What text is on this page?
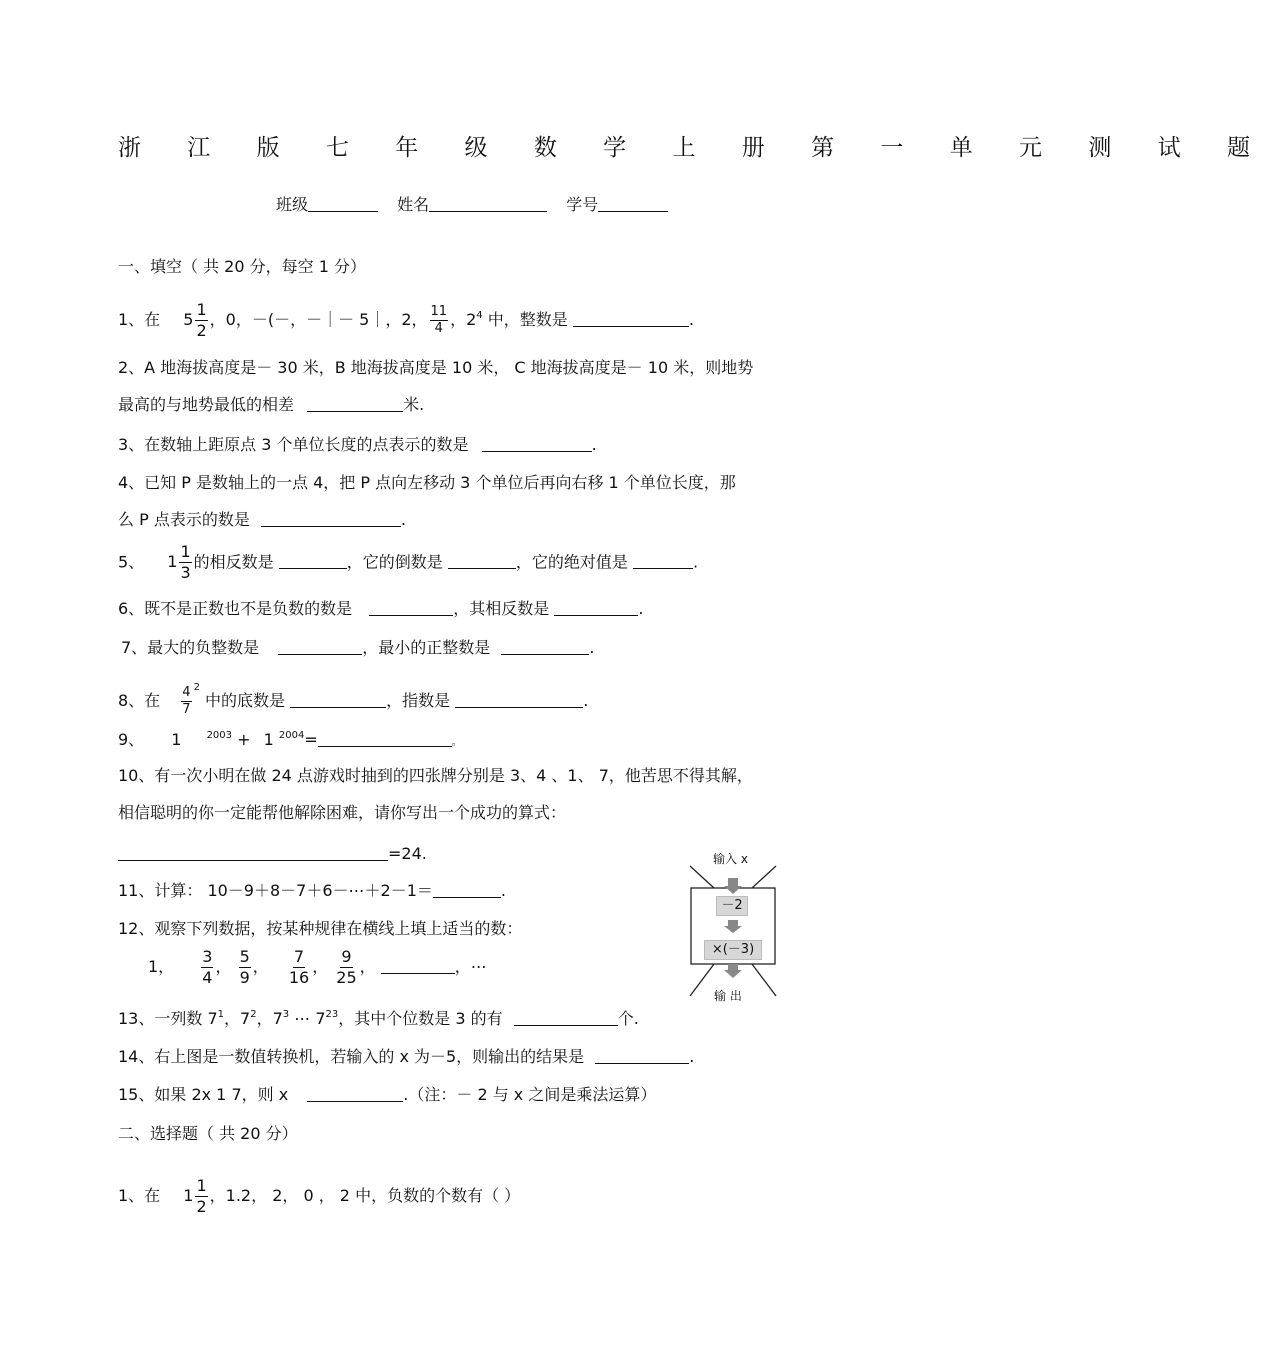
浙 江 版 七 年 级 数 学 上 册 第 一 单 元 测 试 题
班级	姓名	学号
一、填空（ 共 20 分，每空 1 分）
1、在 $5 \frac{1}{2}$ ，0，－(－，－｜－ 5｜，2， $\frac{11}{4}$ ，$2^4$ 中，整数是	.
2、A 地海拔高度是－ 30 米，B 地海拔高度是 10 米， C 地海拔高度是－ 10 米，则地势
最高的与地势最低的相差	米.
3、在数轴上距原点 3 个单位长度的点表示的数是	.
4、已知 P 是数轴上的一点 4，把 P 点向左移动 3 个单位后再向右移 1 个单位长度，那
么 P 点表示的数是	.
5、 $1 \frac{1}{3}$ 的相反数是	，它的倒数是	，它的绝对值是	.
6、既不是正数也不是负数的数是	，其相反数是	.
7、最大的负整数是	，最小的正整数是	.
8、在 $\frac{4}{7} ^2$ 中的底数是	，指数是	.
9、 1	$^{2003}$ + 1 $^{2004}$=	。
10、有一次小明在做 24 点游戏时抽到的四张牌分别是 3、4 、1、 7，他苦思不得其解，
相信聪明的你一定能帮他解除困难，请你写出一个成功的算式：
=24.
11、计算： 10－9＋8－7＋6－⋯＋2－1＝	.
12、观察下列数据，按某种规律在横线上填上适当的数：
1， $\frac{3}{4}$ ， $\frac{5}{9}$ ， $\frac{7}{16}$ ， $\frac{9}{25}$ ，	，⋯
13、一列数 $7^1$，$7^2$，$7^3$ ⋯ $7^{23}$，其中个位数是 3 的有	个.
14、右上图是一数值转换机，若输入的 x 为－5，则输出的结果是	.
15、如果 2x 1 7，则 x	.（注：－ 2 与 x 之间是乘法运算）
二、选择题（ 共 20 分）
1、在 $1 \frac{1}{2}$ ，1.2， 2， 0 ， 2 中，负数的个数有（ ）
输入 x
－2
×(－3)
输 出
